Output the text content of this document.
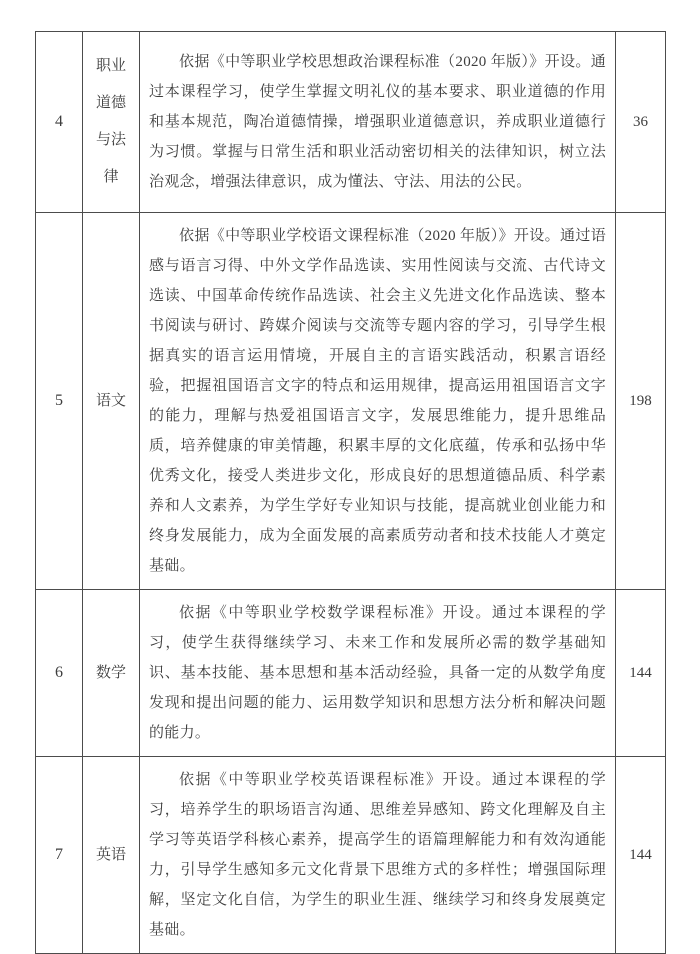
4	职业道德与法律	依据《中等职业学校思想政治课程标准（2020 年版）》开设。通过本课程学习，使学生掌握文明礼仪的基本要求、职业道德的作用和基本规范，陶冶道德情操，增强职业道德意识，养成职业道德行为习惯。掌握与日常生活和职业活动密切相关的法律知识，树立法治观念，增强法律意识，成为懂法、守法、用法的公民。	36
5	语文	依据《中等职业学校语文课程标准（2020 年版）》开设。通过语感与语言习得、中外文学作品选读、实用性阅读与交流、古代诗文选读、中国革命传统作品选读、社会主义先进文化作品选读、整本书阅读与研讨、跨媒介阅读与交流等专题内容的学习，引导学生根据真实的语言运用情境，开展自主的言语实践活动，积累言语经验，把握祖国语言文字的特点和运用规律，提高运用祖国语言文字的能力，理解与热爱祖国语言文字，发展思维能力，提升思维品质，培养健康的审美情趣，积累丰厚的文化底蕴，传承和弘扬中华优秀文化，接受人类进步文化，形成良好的思想道德品质、科学素养和人文素养，为学生学好专业知识与技能，提高就业创业能力和终身发展能力，成为全面发展的高素质劳动者和技术技能人才奠定基础。	198
6	数学	依据《中等职业学校数学课程标准》开设。通过本课程的学习，使学生获得继续学习、未来工作和发展所必需的数学基础知识、基本技能、基本思想和基本活动经验，具备一定的从数学角度发现和提出问题的能力、运用数学知识和思想方法分析和解决问题的能力。	144
7	英语	依据《中等职业学校英语课程标准》开设。通过本课程的学习，培养学生的职场语言沟通、思维差异感知、跨文化理解及自主学习等英语学科核心素养，提高学生的语篇理解能力和有效沟通能力，引导学生感知多元文化背景下思维方式的多样性；增强国际理解，坚定文化自信，为学生的职业生涯、继续学习和终身发展奠定基础。	144
